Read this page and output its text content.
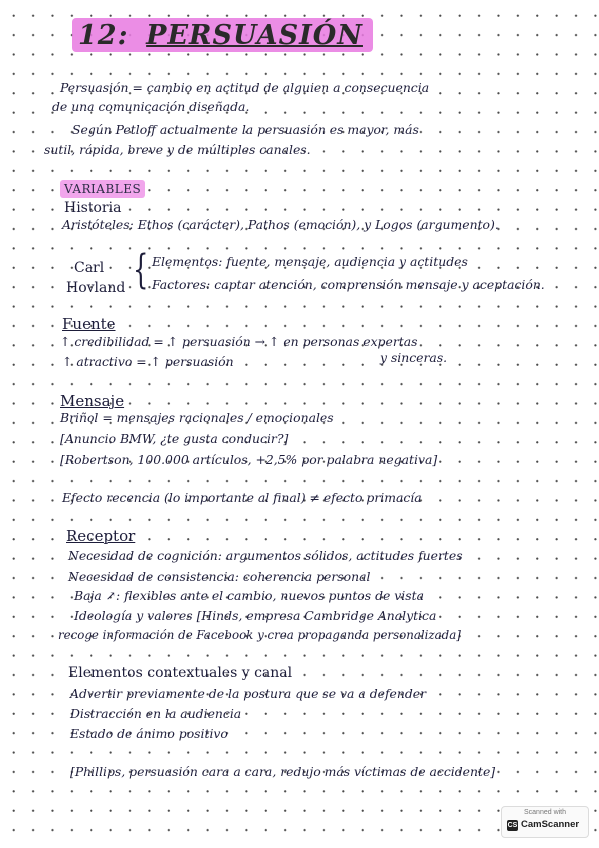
12: PERSUASIÓN
Persuasión = cambio en actitud de alguien a consecuencia
de una comunicación diseñada.
Según Petloff actualmente la persuasión es mayor, más
sutil, rápida, breve y de múltiples canales.
VARIABLES
Historia
Aristóteles: Ethos (carácter), Pathos (emoción), y Logos (argumento).
Carl
Hovland { Elementos: fuente, mensaje, audiencia y actitudes
Factores: captar atención, comprensión mensaje y aceptación.
Fuente
↑ credibilidad = ↑ persuasión → ↑ en personas expertas
↑ atractivo = ↑ persuasión	y sinceras.
Mensaje
Briñol = mensajes racionales / emocionales
[Anuncio BMW, ¿te gusta conducir?]
[Robertson, 100.000 artículos, +2,5% por palabra negativa]
Efecto recencia (lo importante al final) ≠ efecto primacía
Receptor
Necesidad de cognición: argumentos sólidos, actitudes fuertes
Necesidad de consistencia: coherencia personal
Baja ↗: flexibles ante el cambio, nuevos puntos de vista
Ideología y valores [Hinds, empresa Cambridge Analytica
recoge información de Facebook y crea propaganda personalizada]
Elementos contextuales y canal
Advertir previamente de la postura que se va a defender
Distracción en la audiencia
Estado de ánimo positivo
[Phillips, persuasión cara a cara, redujo más víctimas de accidente]
Scanned with
CS CamScanner
